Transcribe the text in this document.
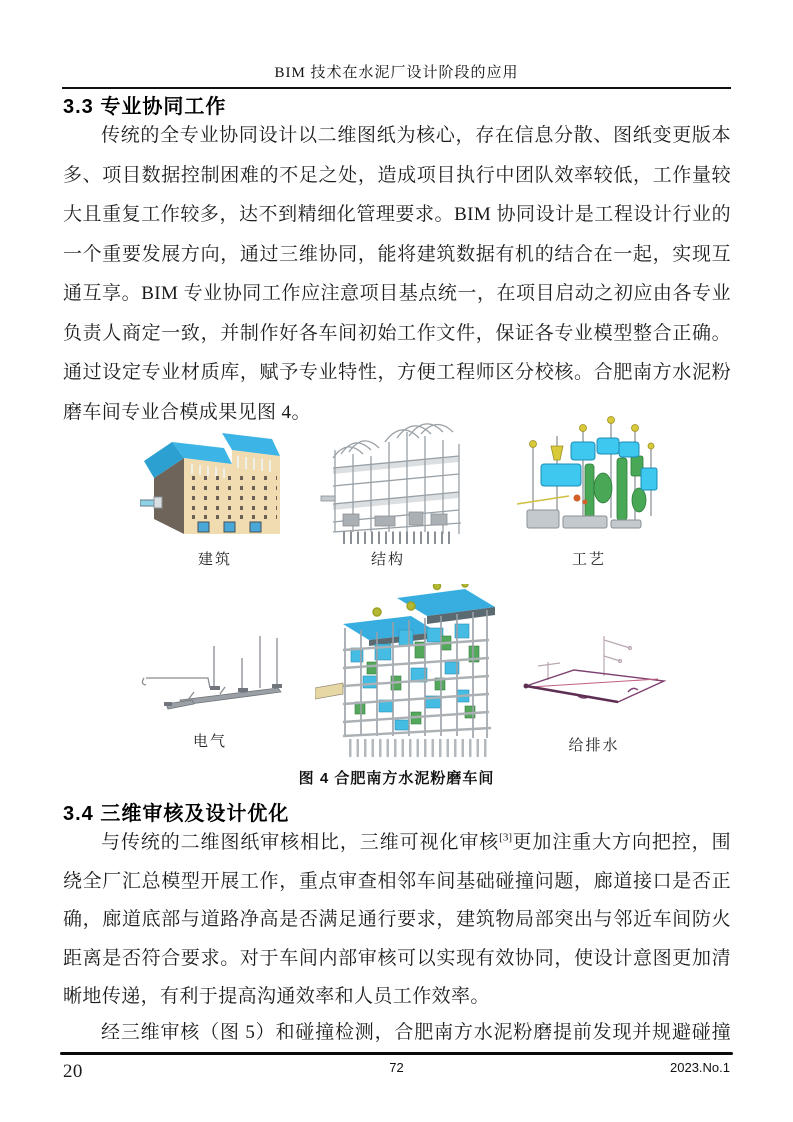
BIM 技术在水泥厂设计阶段的应用
3.3 专业协同工作

传统的全专业协同设计以二维图纸为核心，存在信息分散、图纸变更版本多、项目数据控制困难的不足之处，造成项目执行中团队效率较低，工作量较大且重复工作较多，达不到精细化管理要求。BIM 协同设计是工程设计行业的一个重要发展方向，通过三维协同，能将建筑数据有机的结合在一起，实现互通互享。BIM 专业协同工作应注意项目基点统一，在项目启动之初应由各专业负责人商定一致，并制作好各车间初始工作文件，保证各专业模型整合正确。通过设定专业材质库，赋予专业特性，方便工程师区分校核。合肥南方水泥粉磨车间专业合模成果见图 4。

建筑	结构	工艺
电气	给排水
图 4 合肥南方水泥粉磨车间
3.4 三维审核及设计优化

与传统的二维图纸审核相比，三维可视化审核[3]更加注重大方向把控，围绕全厂汇总模型开展工作，重点审查相邻车间基础碰撞问题，廊道接口是否正确，廊道底部与道路净高是否满足通行要求，建筑物局部突出与邻近车间防火距离是否符合要求。对于车间内部审核可以实现有效协同，使设计意图更加清晰地传递，有利于提高沟通效率和人员工作效率。

经三维审核（图 5）和碰撞检测，合肥南方水泥粉磨提前发现并规避碰撞 20	72	2023.No.1
